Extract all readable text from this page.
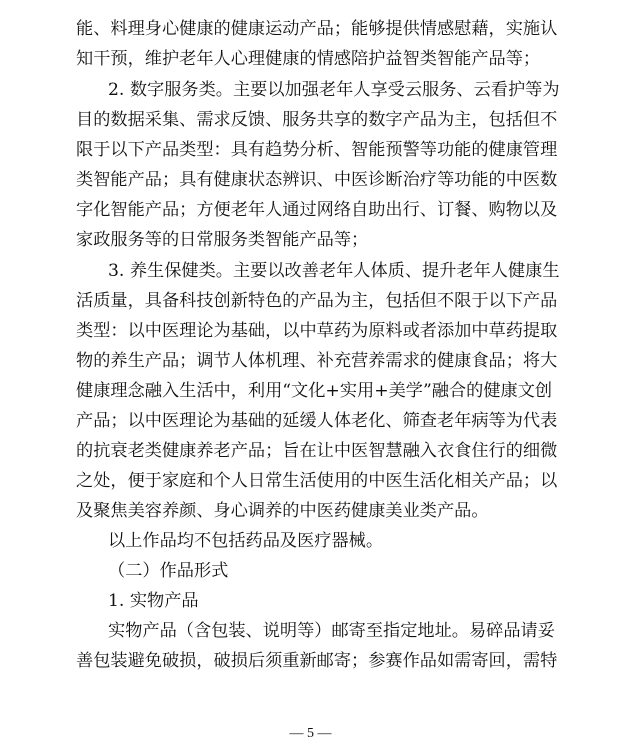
能、料理身心健康的健康运动产品；能够提供情感慰藉，实施认
知干预，维护老年人心理健康的情感陪护益智类智能产品等；
2. 数字服务类。主要以加强老年人享受云服务、云看护等为
目的数据采集、需求反馈、服务共享的数字产品为主，包括但不
限于以下产品类型：具有趋势分析、智能预警等功能的健康管理
类智能产品；具有健康状态辨识、中医诊断治疗等功能的中医数
字化智能产品；方便老年人通过网络自助出行、订餐、购物以及
家政服务等的日常服务类智能产品等；
3. 养生保健类。主要以改善老年人体质、提升老年人健康生
活质量，具备科技创新特色的产品为主，包括但不限于以下产品
类型：以中医理论为基础，以中草药为原料或者添加中草药提取
物的养生产品；调节人体机理、补充营养需求的健康食品；将大
健康理念融入生活中，利用“文化+实用+美学”融合的健康文创
产品；以中医理论为基础的延缓人体老化、筛查老年病等为代表
的抗衰老类健康养老产品；旨在让中医智慧融入衣食住行的细微
之处，便于家庭和个人日常生活使用的中医生活化相关产品；以
及聚焦美容养颜、身心调养的中医药健康美业类产品。
以上作品均不包括药品及医疗器械。
（二）作品形式
1. 实物产品
实物产品（含包装、说明等）邮寄至指定地址。易碎品请妥
善包装避免破损，破损后须重新邮寄；参赛作品如需寄回，需特
— 5 —
